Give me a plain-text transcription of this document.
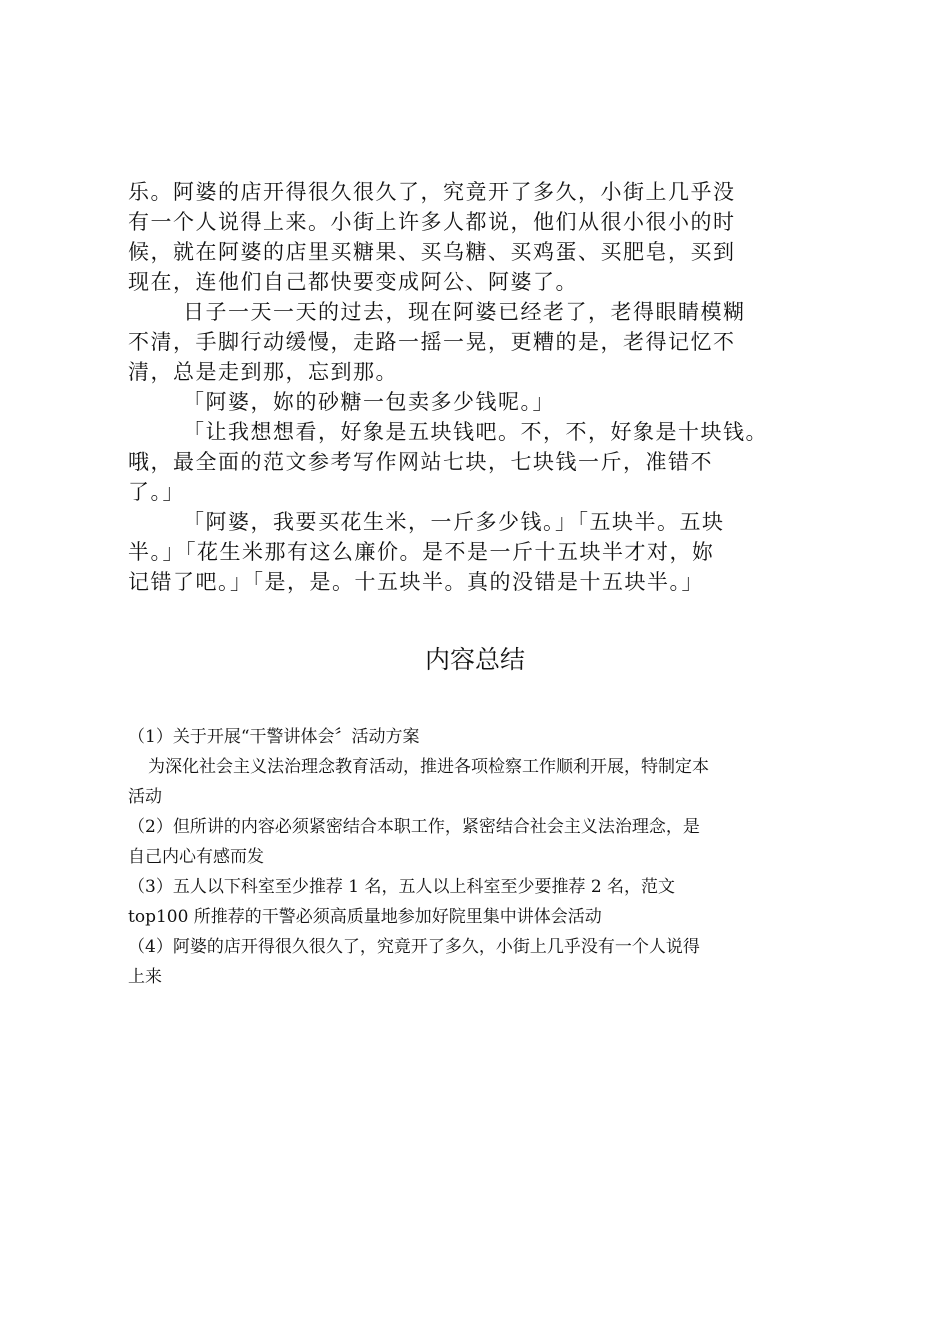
乐。阿婆的店开得很久很久了，究竟开了多久，小街上几乎没
有一个人说得上来。小街上许多人都说，他们从很小很小的时
候，就在阿婆的店里买糖果、买乌糖、买鸡蛋、买肥皂，买到
现在，连他们自己都快要变成阿公、阿婆了。
日子一天一天的过去，现在阿婆已经老了，老得眼睛模糊
不清，手脚行动缓慢，走路一摇一晃，更糟的是，老得记忆不
清，总是走到那，忘到那。
「阿婆，妳的砂糖一包卖多少钱呢。」
「让我想想看，好象是五块钱吧。不，不，好象是十块钱。
哦，最全面的范文参考写作网站七块，七块钱一斤，准错不
了。」
「阿婆，我要买花生米，一斤多少钱。」「五块半。五块
半。」「花生米那有这么廉价。是不是一斤十五块半才对，妳
记错了吧。」「是，是。十五块半。真的没错是十五块半。」
内容总结
（1）关于开展“干警讲体会〞活动方案
为深化社会主义法治理念教育活动，推进各项检察工作顺利开展，特制定本
活动
（2）但所讲的内容必须紧密结合本职工作，紧密结合社会主义法治理念，是
自己内心有感而发
（3）五人以下科室至少推荐 1 名，五人以上科室至少要推荐 2 名，范文
top100 所推荐的干警必须高质量地参加好院里集中讲体会活动
（4）阿婆的店开得很久很久了，究竟开了多久，小街上几乎没有一个人说得
上来
